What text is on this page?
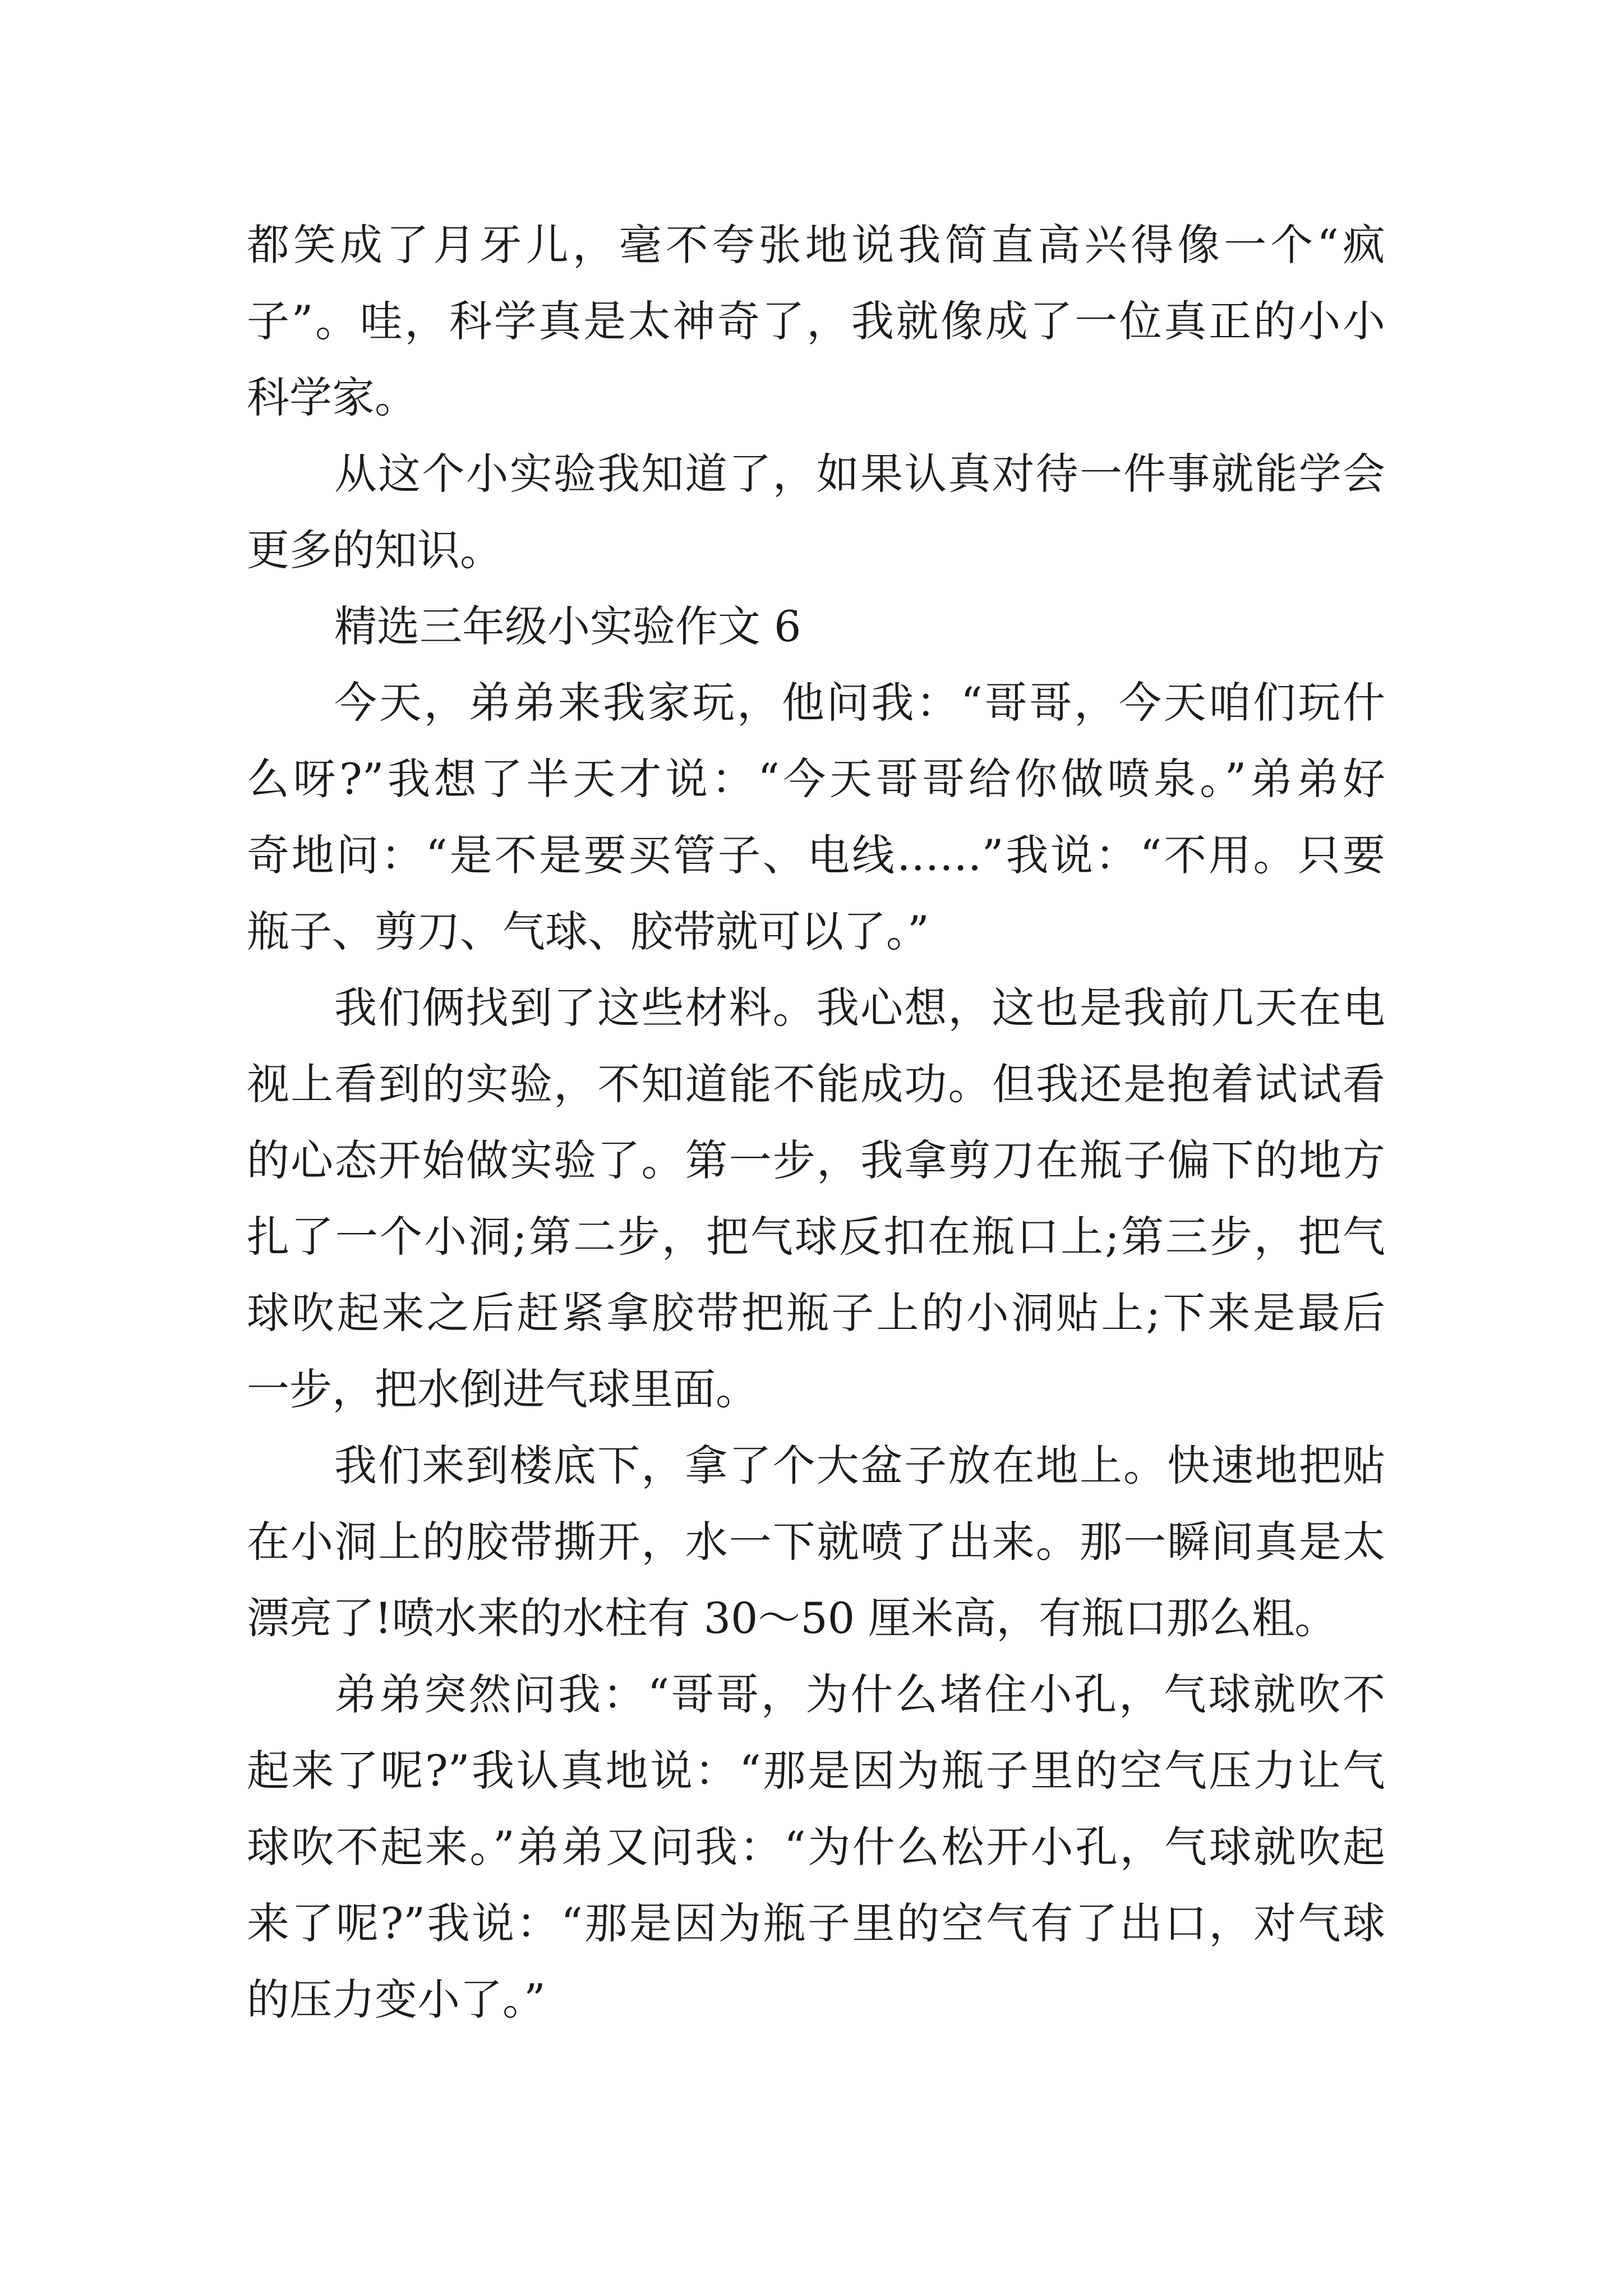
都笑成了月牙儿，毫不夸张地说我简直高兴得像一个“疯
子”。哇，科学真是太神奇了，我就像成了一位真正的小小
科学家。
从这个小实验我知道了，如果认真对待一件事就能学会
更多的知识。
精选三年级小实验作文 6
今天，弟弟来我家玩，他问我：“哥哥，今天咱们玩什
么呀?”我想了半天才说：“今天哥哥给你做喷泉。”弟弟好
奇地问：“是不是要买管子、电线……”我说：“不用。只要
瓶子、剪刀、气球、胶带就可以了。”
我们俩找到了这些材料。我心想，这也是我前几天在电
视上看到的实验，不知道能不能成功。但我还是抱着试试看
的心态开始做实验了。第一步，我拿剪刀在瓶子偏下的地方
扎了一个小洞;第二步，把气球反扣在瓶口上;第三步，把气
球吹起来之后赶紧拿胶带把瓶子上的小洞贴上;下来是最后
一步，把水倒进气球里面。
我们来到楼底下，拿了个大盆子放在地上。快速地把贴
在小洞上的胶带撕开，水一下就喷了出来。那一瞬间真是太
漂亮了!喷水来的水柱有 30～50 厘米高，有瓶口那么粗。
弟弟突然问我：“哥哥，为什么堵住小孔，气球就吹不
起来了呢?”我认真地说：“那是因为瓶子里的空气压力让气
球吹不起来。”弟弟又问我：“为什么松开小孔，气球就吹起
来了呢?”我说：“那是因为瓶子里的空气有了出口，对气球
的压力变小了。”
